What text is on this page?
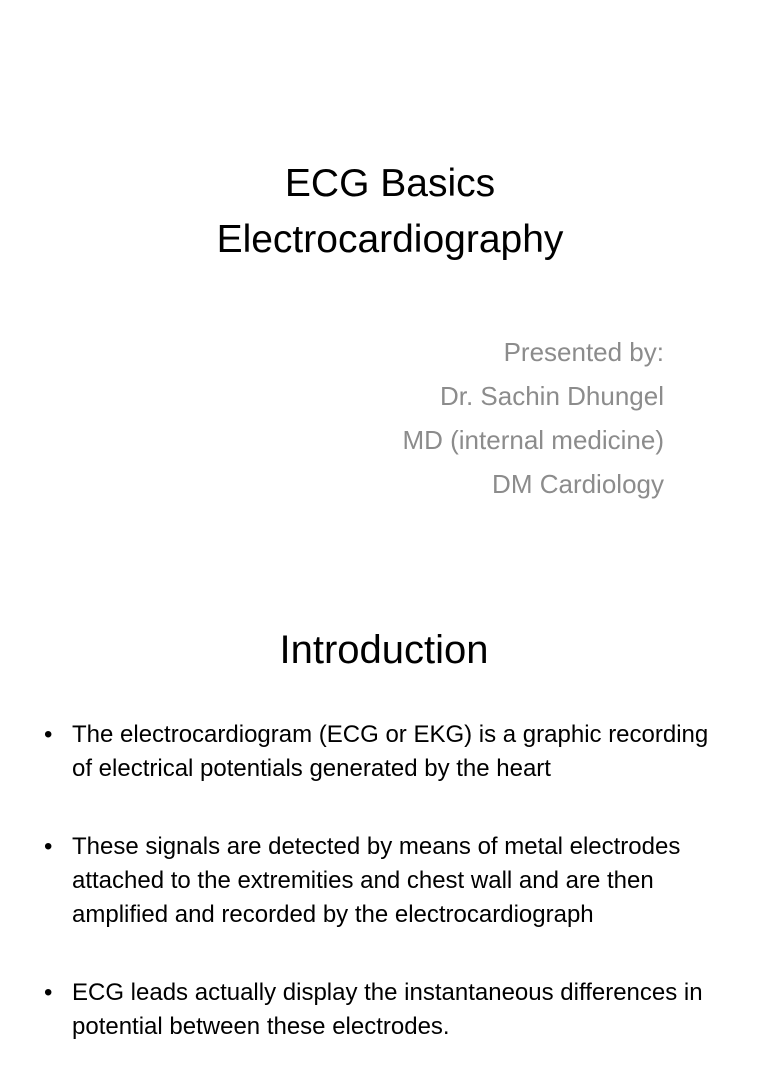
ECG Basics
Electrocardiography
Presented by:
Dr. Sachin Dhungel
MD (internal medicine)
DM Cardiology
Introduction
• The electrocardiogram (ECG or EKG) is a graphic recording of electrical potentials generated by the heart
• These signals are detected by means of metal electrodes attached to the extremities and chest wall and are then amplified and recorded by the electrocardiograph
• ECG leads actually display the instantaneous differences in potential between these electrodes.
